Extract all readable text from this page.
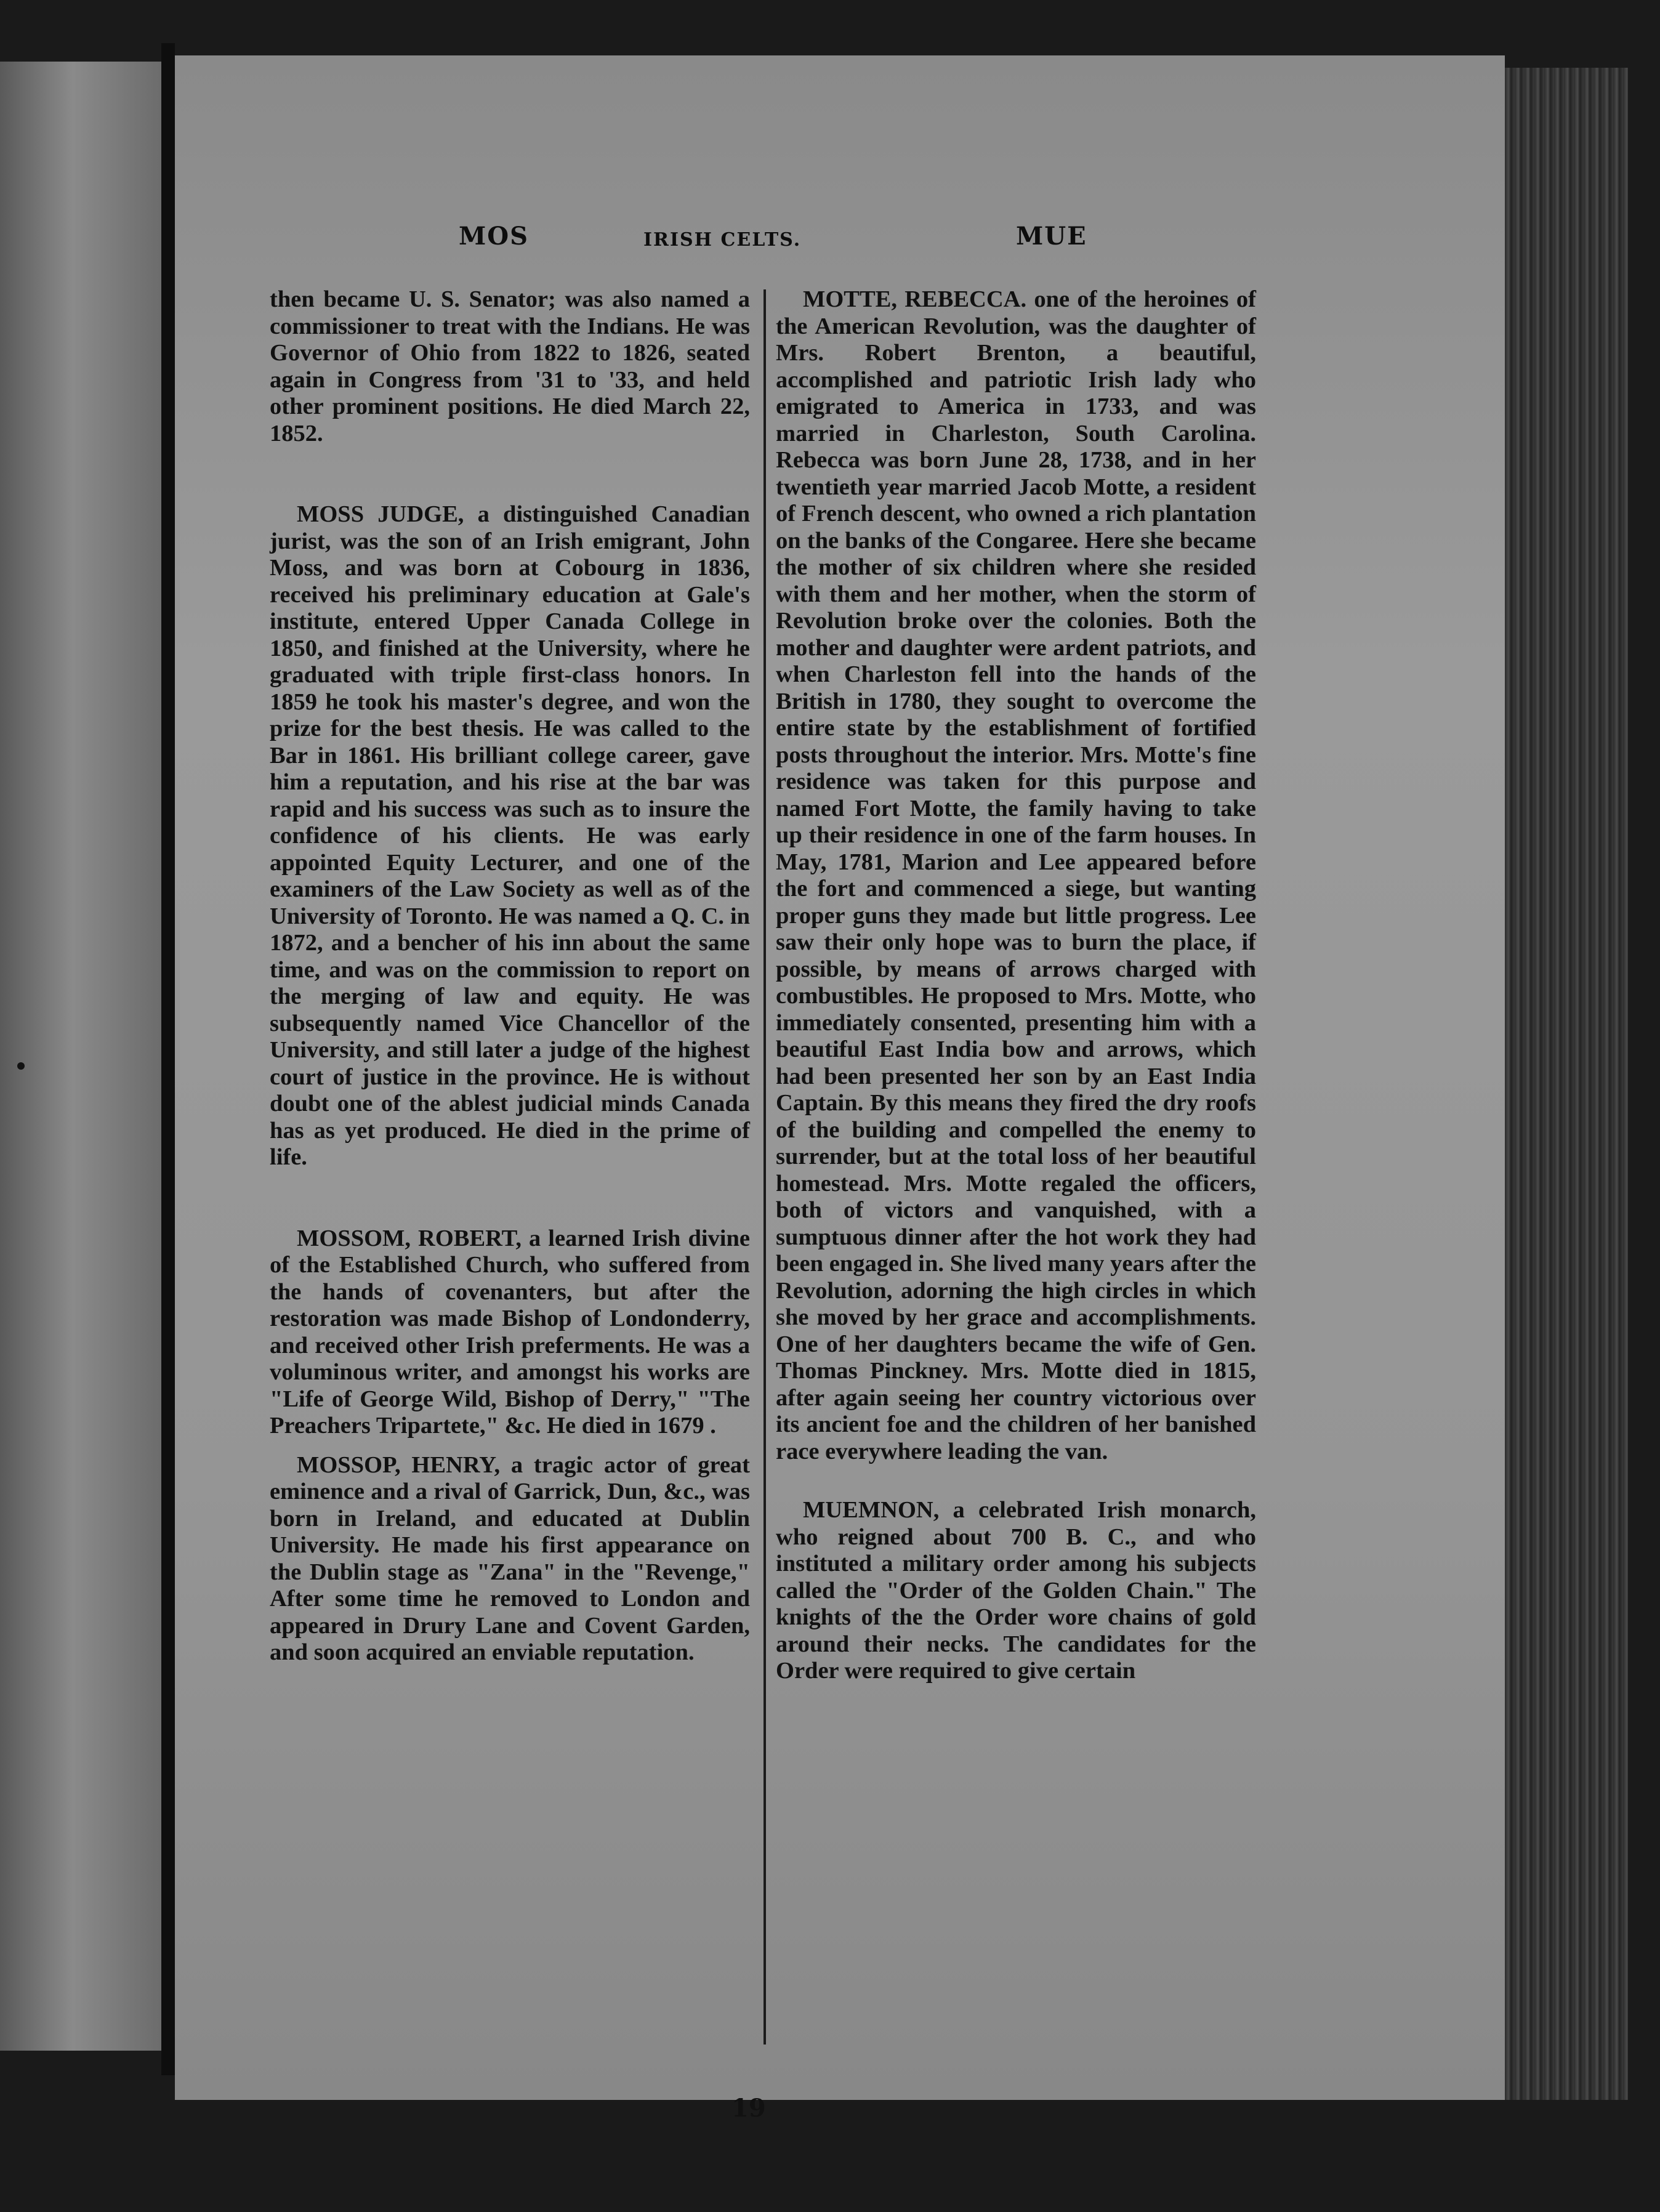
MOS	IRISH CELTS.	MUE

then became U. S. Senator; was also named a commissioner to treat with the Indians. He was Governor of Ohio from 1822 to 1826, seated again in Congress from '31 to '33, and held other prominent positions. He died March 22, 1852.

MOSS JUDGE, a distinguished Canadian jurist, was the son of an Irish emigrant, John Moss, and was born at Cobourg in 1836, received his preliminary education at Gale's institute, entered Upper Canada College in 1850, and finished at the University, where he graduated with triple first-class honors. In 1859 he took his master's degree, and won the prize for the best thesis. He was called to the Bar in 1861. His brilliant college career, gave him a reputation, and his rise at the bar was rapid and his success was such as to insure the confidence of his clients. He was early appointed Equity Lecturer, and one of the examiners of the Law Society as well as of the University of Toronto. He was named a Q. C. in 1872, and a bencher of his inn about the same time, and was on the commission to report on the merging of law and equity. He was subsequently named Vice Chancellor of the University, and still later a judge of the highest court of justice in the province. He is without doubt one of the ablest judicial minds Canada has as yet produced. He died in the prime of life.

MOSSOM, ROBERT, a learned Irish divine of the Established Church, who suffered from the hands of covenanters, but after the restoration was made Bishop of Londonderry, and received other Irish preferments. He was a voluminous writer, and amongst his works are "Life of George Wild, Bishop of Derry," "The Preachers Tripartete," &c. He died in 1679 .

MOSSOP, HENRY, a tragic actor of great eminence and a rival of Garrick, Dun, &c., was born in Ireland, and educated at Dublin University. He made his first appearance on the Dublin stage as "Zana" in the "Revenge," After some time he removed to London and appeared in Drury Lane and Covent Garden, and soon acquired an enviable reputation.

MOTTE, REBECCA. one of the heroines of the American Revolution, was the daughter of Mrs. Robert Brenton, a beautiful, accomplished and patriotic Irish lady who emigrated to America in 1733, and was married in Charleston, South Carolina. Rebecca was born June 28, 1738, and in her twentieth year married Jacob Motte, a resident of French descent, who owned a rich plantation on the banks of the Congaree. Here she became the mother of six children where she resided with them and her mother, when the storm of Revolution broke over the colonies. Both the mother and daughter were ardent patriots, and when Charleston fell into the hands of the British in 1780, they sought to overcome the entire state by the establishment of fortified posts throughout the interior. Mrs. Motte's fine residence was taken for this purpose and named Fort Motte, the family having to take up their residence in one of the farm houses. In May, 1781, Marion and Lee appeared before the fort and commenced a siege, but wanting proper guns they made but little progress. Lee saw their only hope was to burn the place, if possible, by means of arrows charged with combustibles. He proposed to Mrs. Motte, who immediately consented, presenting him with a beautiful East India bow and arrows, which had been presented her son by an East India Captain. By this means they fired the dry roofs of the building and compelled the enemy to surrender, but at the total loss of her beautiful homestead. Mrs. Motte regaled the officers, both of victors and vanquished, with a sumptuous dinner after the hot work they had been engaged in. She lived many years after the Revolution, adorning the high circles in which she moved by her grace and accomplishments. One of her daughters became the wife of Gen. Thomas Pinckney. Mrs. Motte died in 1815, after again seeing her country victorious over its ancient foe and the children of her banished race everywhere leading the van.

MUEMNON, a celebrated Irish monarch, who reigned about 700 B. C., and who instituted a military order among his subjects called the "Order of the Golden Chain." The knights of the the Order wore chains of gold around their necks. The candidates for the Order were required to give certain

19
